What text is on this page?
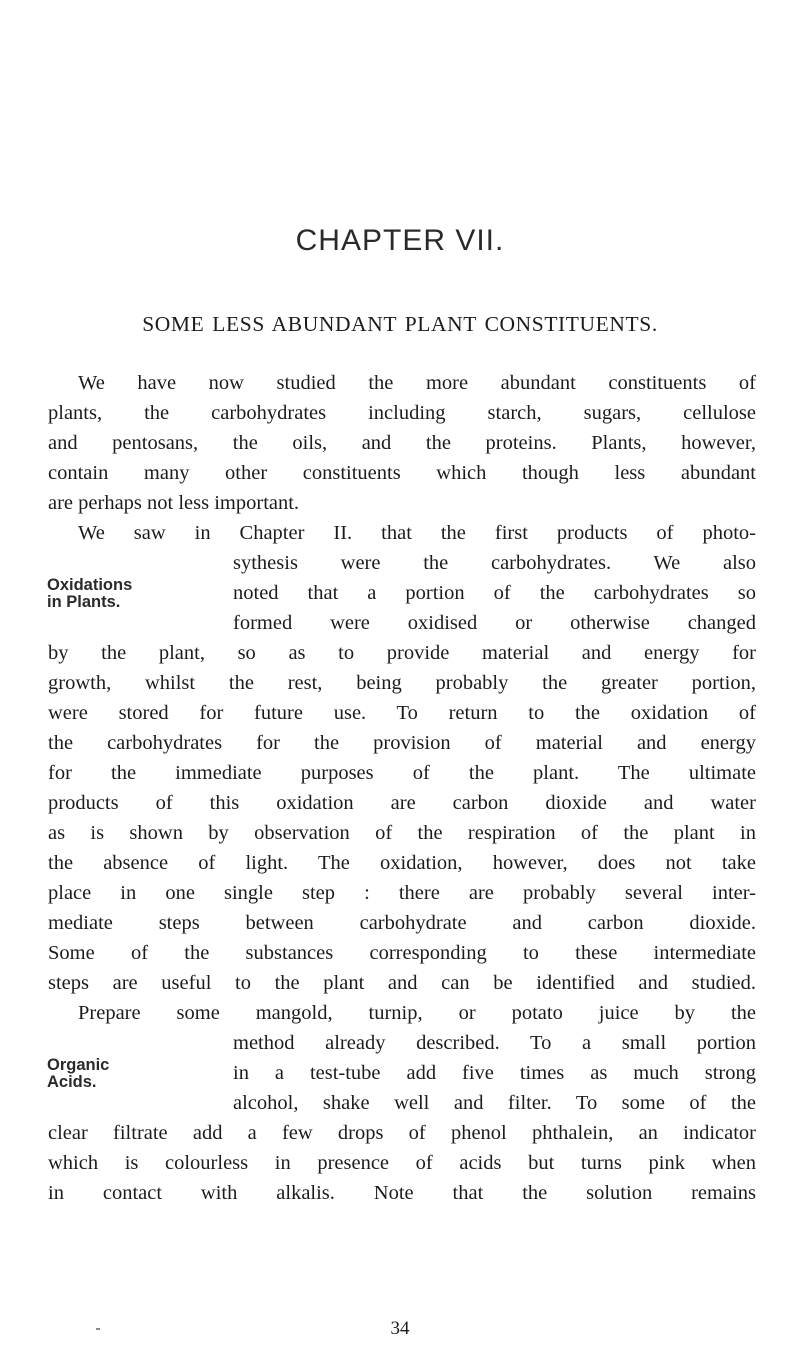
CHAPTER VII.
SOME LESS ABUNDANT PLANT CONSTITUENTS.
We have now studied the more abundant constituents of
plants, the carbohydrates including starch, sugars, cellulose
and pentosans, the oils, and the proteins. Plants, however,
contain many other constituents which though less abundant
are perhaps not less important.
We saw in Chapter II. that the first products of photo-
sythesis were the carbohydrates. We also
noted that a portion of the carbohydrates so
formed were oxidised or otherwise changed
Oxidations in Plants.
by the plant, so as to provide material and energy for
growth, whilst the rest, being probably the greater portion,
were stored for future use. To return to the oxidation of
the carbohydrates for the provision of material and energy
for the immediate purposes of the plant. The ultimate
products of this oxidation are carbon dioxide and water
as is shown by observation of the respiration of the plant in
the absence of light. The oxidation, however, does not take
place in one single step : there are probably several inter-
mediate steps between carbohydrate and carbon dioxide.
Some of the substances corresponding to these intermediate
steps are useful to the plant and can be identified and studied.
Prepare some mangold, turnip, or potato juice by the
method already described. To a small portion
in a test-tube add five times as much strong
alcohol, shake well and filter. To some of the
Organic Acids.
clear filtrate add a few drops of phenol phthalein, an indicator
which is colourless in presence of acids but turns pink when
in contact with alkalis. Note that the solution remains
34
